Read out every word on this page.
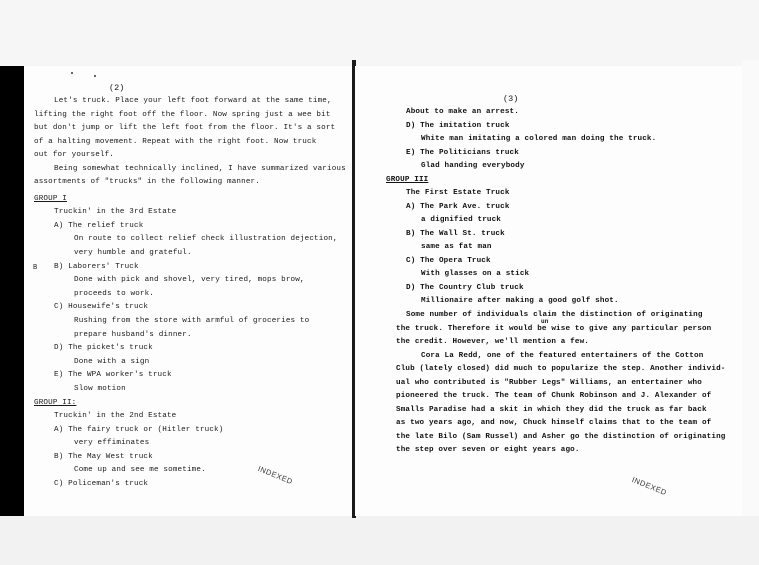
(2)
Let's truck. Place your left foot forward at the same time,
lifting the right foot off the floor. Now spring just a wee bit
but don't jump or lift the left foot from the floor. It's a sort
of a halting movement. Repeat with the right foot. Now truck
out for yourself.
Being somewhat technically inclined, I have summarized various
assortments of "trucks" in the following manner.
GROUP I
Truckin' in the 3rd Estate
A) The relief truck
On route to collect relief check illustration dejection,
very humble and grateful.
B B) Laborers' Truck
Done with pick and shovel, very tired, mops brow,
proceeds to work.
C) Housewife's truck
Rushing from the store with armful of groceries to
prepare husband's dinner.
D) The picket's truck
Done with a sign
E) The WPA worker's truck
Slow motion
GROUP II:
Truckin' in the 2nd Estate
A) The fairy truck or (Hitler truck)
very effiminates
B) The May West truck
Come up and see me sometime.
C) Policeman's truck	INDEXED
(3)
About to make an arrest.
D) The imitation truck
White man imitating a colored man doing the truck.
E) The Politicians truck
Glad handing everybody
GROUP III
The First Estate Truck
A) The Park Ave. truck
a dignified truck
B) The Wall St. truck
same as fat man
C) The Opera Truck
With glasses on a stick
D) The Country Club truck
Millionaire after making a good golf shot.
Some number of individuals claim the distinction of originating
un
the truck. Therefore it would be wise to give any particular person
the credit. However, we'll mention a few.
Cora La Redd, one of the featured entertainers of the Cotton
Club (lately closed) did much to popularize the step. Another individ-
ual who contributed is "Rubber Legs" Williams, an entertainer who
pioneered the truck. The team of Chunk Robinson and J. Alexander of
Smalls Paradise had a skit in which they did the truck as far back
as two years ago, and now, Chuck himself claims that to the team of
the late Bilo (Sam Russel) and Asher go the distinction of originating
the step over seven or eight years ago.
INDEXED
